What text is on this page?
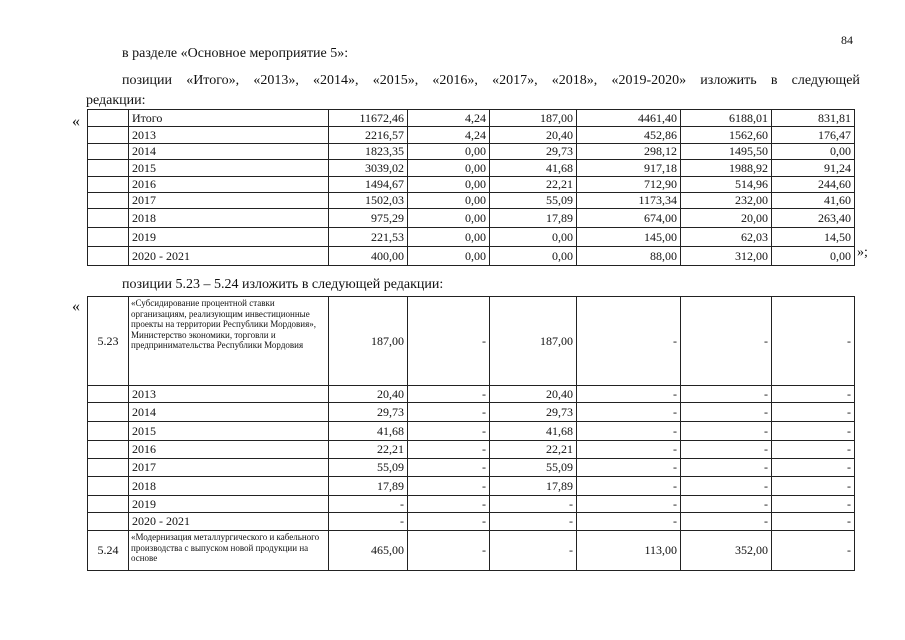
84
в разделе «Основное мероприятие 5»:
позиции «Итого», «2013», «2014», «2015», «2016», «2017», «2018», «2019-2020» изложить в следующей
редакции:
«
		Итого	11672,46	4,24	187,00	4461,40	6188,01	831,81
	2013	2216,57	4,24	20,40	452,86	1562,60	176,47
	2014	1823,35	0,00	29,73	298,12	1495,50	0,00
	2015	3039,02	0,00	41,68	917,18	1988,92	91,24
	2016	1494,67	0,00	22,21	712,90	514,96	244,60
	2017	1502,03	0,00	55,09	1173,34	232,00	41,60
	2018	975,29	0,00	17,89	674,00	20,00	263,40
	2019	221,53	0,00	0,00	145,00	62,03	14,50
	2020 - 2021	400,00	0,00	0,00	88,00	312,00	0,00 »;
позиции 5.23 – 5.24 изложить в следующей редакции:
«
5.23	«Субсидирование процентной ставки организациям, реализующим инвестиционные проекты на территории Республики Мордовия», Министерство экономики, торговли и предпринимательства Республики Мордовия	187,00	-	187,00	-	-	-
	2013	20,40	-	20,40	-	-	-
	2014	29,73	-	29,73	-	-	-
	2015	41,68	-	41,68	-	-	-
	2016	22,21	-	22,21	-	-	-
	2017	55,09	-	55,09	-	-	-
	2018	17,89	-	17,89	-	-	-
	2019	-	-	-	-	-	-
	2020 - 2021	-	-	-	-	-	-
5.24	«Модернизация металлургического и кабельного производства с выпуском новой продукции на основе	465,00	-	-	113,00	352,00	-
